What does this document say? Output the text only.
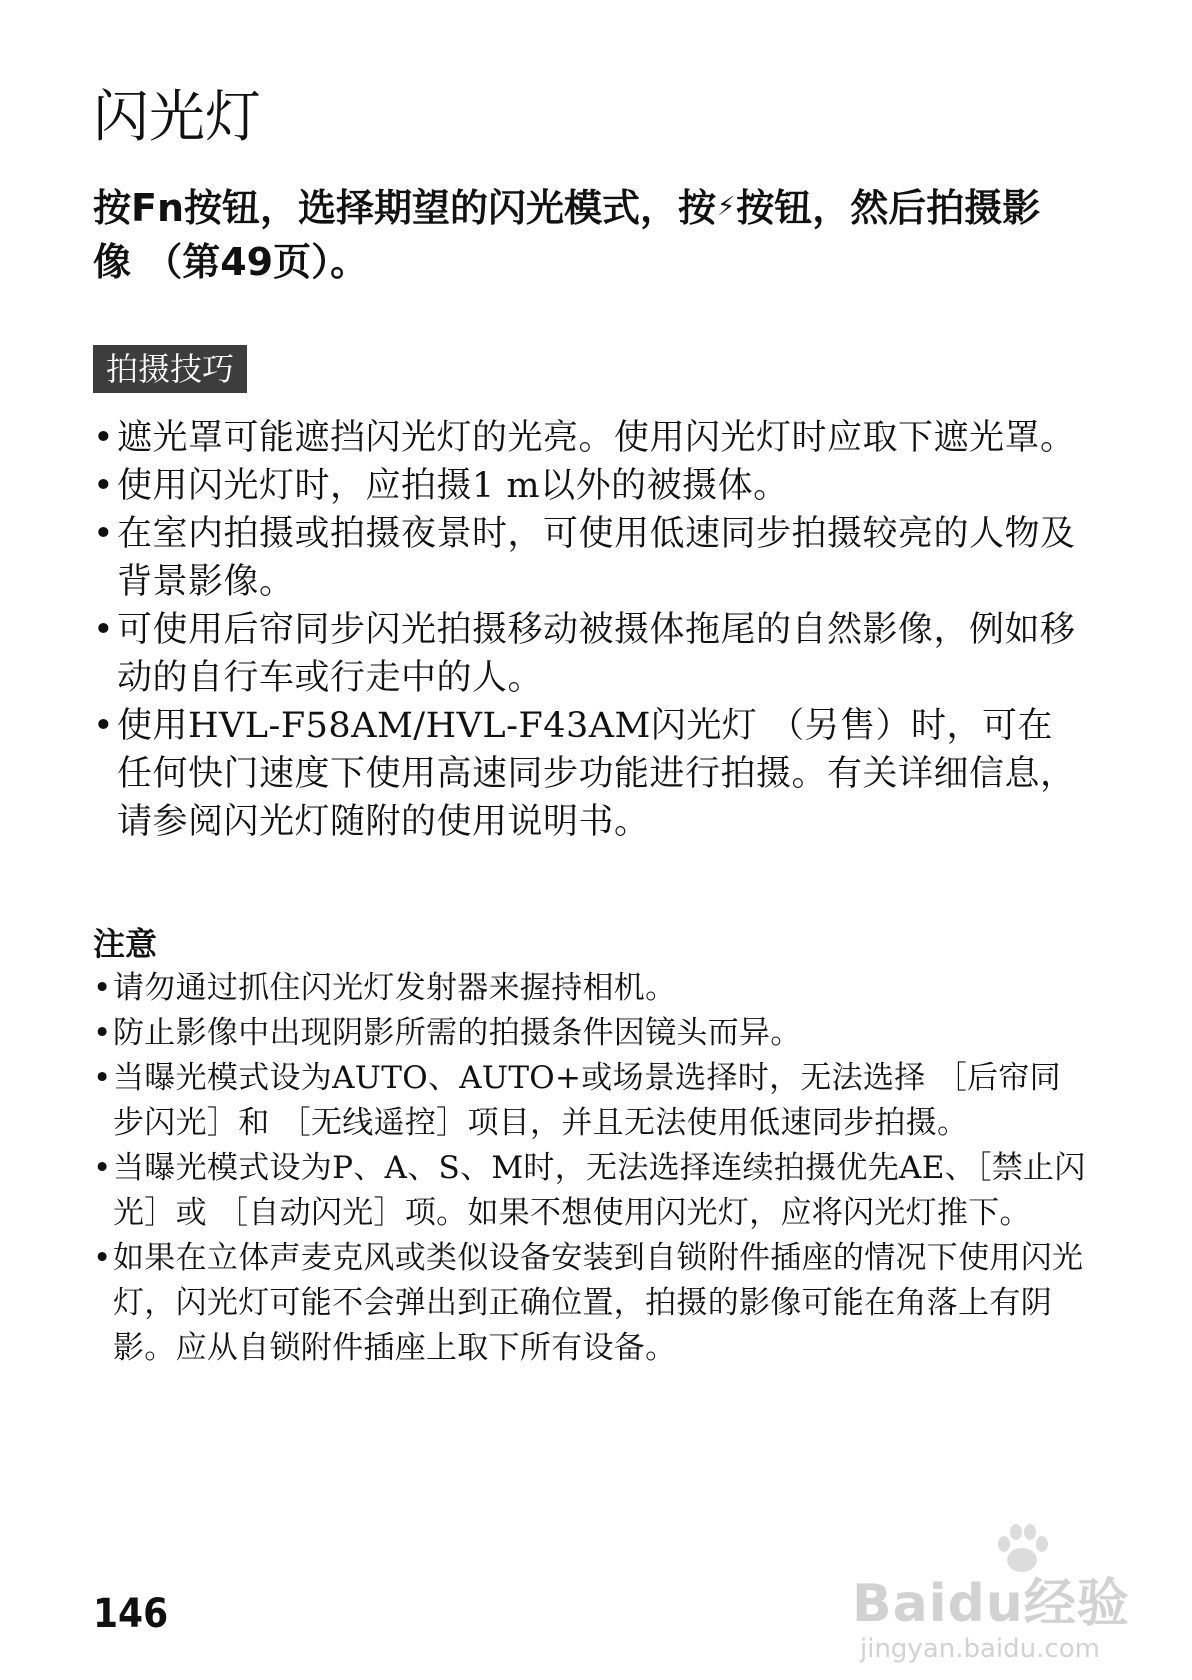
闪光灯

按Fn按钮，选择期望的闪光模式，按⚡按钮，然后拍摄影像 （第49页）。

拍摄技巧
• 遮光罩可能遮挡闪光灯的光亮。使用闪光灯时应取下遮光罩。
• 使用闪光灯时，应拍摄1 m以外的被摄体。
• 在室内拍摄或拍摄夜景时，可使用低速同步拍摄较亮的人物及背景影像。
• 可使用后帘同步闪光拍摄移动被摄体拖尾的自然影像，例如移动的自行车或行走中的人。
• 使用HVL-F58AM/HVL-F43AM闪光灯 （另售）时，可在任何快门速度下使用高速同步功能进行拍摄。有关详细信息，请参阅闪光灯随附的使用说明书。
注意
• 请勿通过抓住闪光灯发射器来握持相机。
• 防止影像中出现阴影所需的拍摄条件因镜头而异。
• 当曝光模式设为AUTO、AUTO+或场景选择时，无法选择 ［后帘同步闪光］和 ［无线遥控］项目，并且无法使用低速同步拍摄。
• 当曝光模式设为P、A、S、M时，无法选择连续拍摄优先AE、［禁止闪光］或 ［自动闪光］项。如果不想使用闪光灯，应将闪光灯推下。
• 如果在立体声麦克风或类似设备安装到自锁附件插座的情况下使用闪光灯，闪光灯可能不会弹出到正确位置，拍摄的影像可能在角落上有阴影。应从自锁附件插座上取下所有设备。
146	Baidu经验
jingyan.baidu.com
